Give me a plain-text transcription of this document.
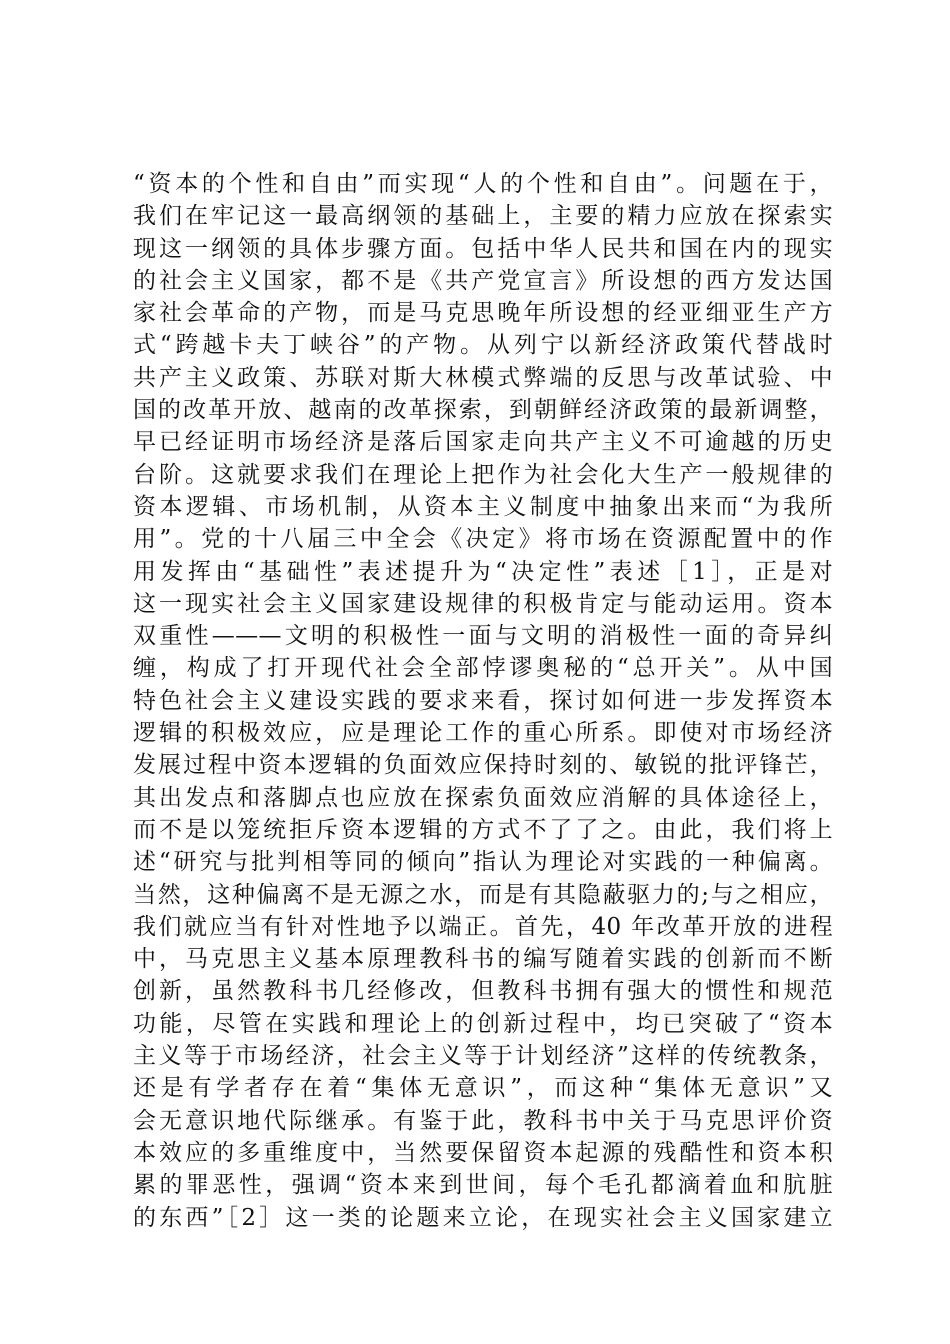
“资本的个性和自由”而实现“人的个性和自由”。问题在于，
我们在牢记这一最高纲领的基础上，主要的精力应放在探索实
现这一纲领的具体步骤方面。包括中华人民共和国在内的现实
的社会主义国家，都不是《共产党宣言》所设想的西方发达国
家社会革命的产物，而是马克思晚年所设想的经亚细亚生产方
式“跨越卡夫丁峡谷”的产物。从列宁以新经济政策代替战时
共产主义政策、苏联对斯大林模式弊端的反思与改革试验、中
国的改革开放、越南的改革探索，到朝鲜经济政策的最新调整，
早已经证明市场经济是落后国家走向共产主义不可逾越的历史
台阶。这就要求我们在理论上把作为社会化大生产一般规律的
资本逻辑、市场机制，从资本主义制度中抽象出来而“为我所
用”。党的十八届三中全会《决定》将市场在资源配置中的作
用发挥由“基础性”表述提升为“决定性”表述［1］，正是对
这一现实社会主义国家建设规律的积极肯定与能动运用。资本
双重性———文明的积极性一面与文明的消极性一面的奇异纠
缠，构成了打开现代社会全部悖谬奥秘的“总开关”。从中国
特色社会主义建设实践的要求来看，探讨如何进一步发挥资本
逻辑的积极效应，应是理论工作的重心所系。即使对市场经济
发展过程中资本逻辑的负面效应保持时刻的、敏锐的批评锋芒，
其出发点和落脚点也应放在探索负面效应消解的具体途径上，
而不是以笼统拒斥资本逻辑的方式不了了之。由此，我们将上
述“研究与批判相等同的倾向”指认为理论对实践的一种偏离。
当然，这种偏离不是无源之水，而是有其隐蔽驱力的;与之相应，
我们就应当有针对性地予以端正。首先，40 年改革开放的进程
中，马克思主义基本原理教科书的编写随着实践的创新而不断
创新，虽然教科书几经修改，但教科书拥有强大的惯性和规范
功能，尽管在实践和理论上的创新过程中，均已突破了“资本
主义等于市场经济，社会主义等于计划经济”这样的传统教条，
还是有学者存在着“集体无意识”，而这种“集体无意识”又
会无意识地代际继承。有鉴于此，教科书中关于马克思评价资
本效应的多重维度中，当然要保留资本起源的残酷性和资本积
累的罪恶性，强调“资本来到世间，每个毛孔都滴着血和肮脏
的东西”［2］这一类的论题来立论，在现实社会主义国家建立
